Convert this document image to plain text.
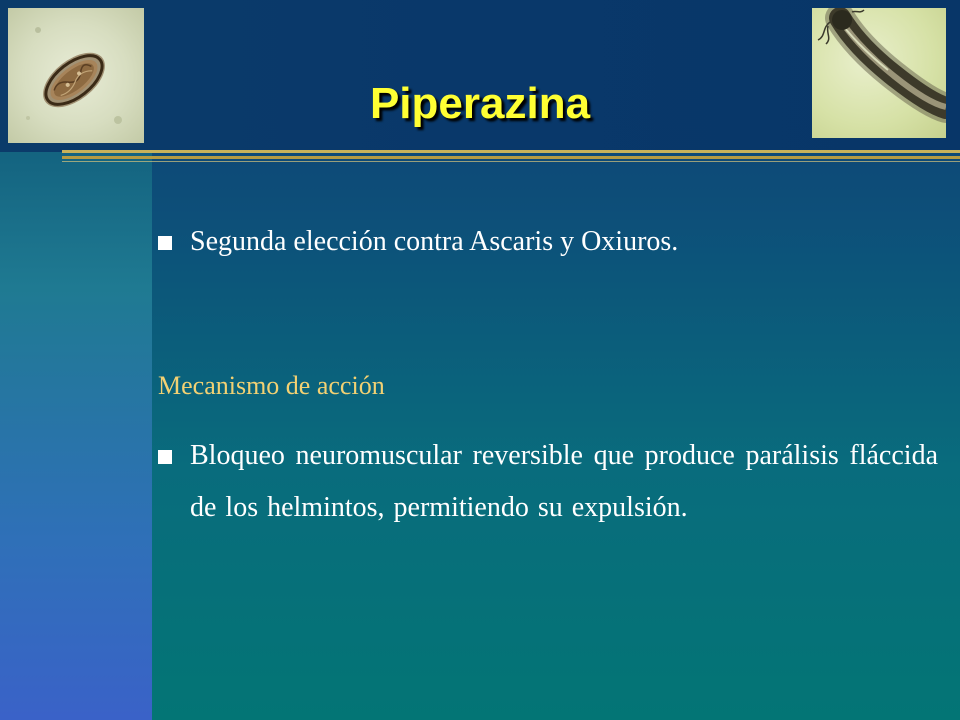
Piperazina
Segunda elección contra Ascaris y Oxiuros.
Mecanismo de acción
Bloqueo neuromuscular reversible que produce parálisis fláccida de los helmintos, permitiendo su expulsión.
